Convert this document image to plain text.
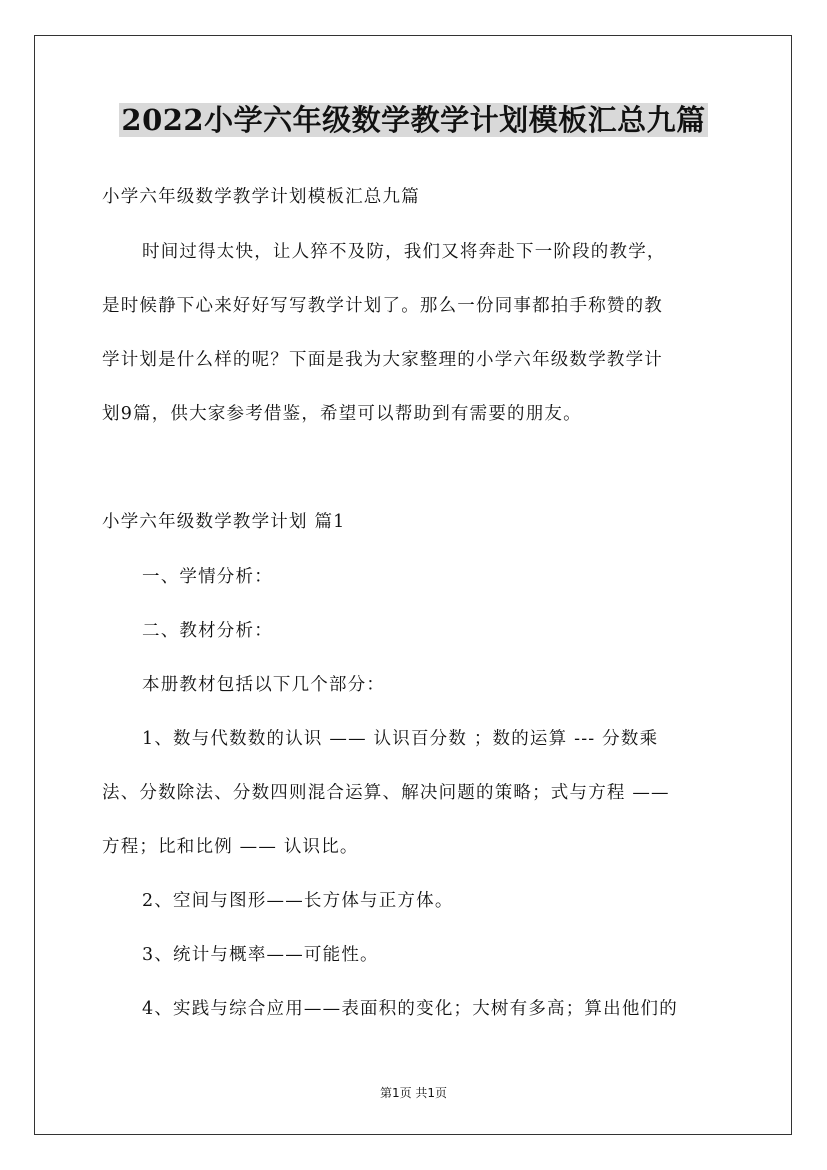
2022小学六年级数学教学计划模板汇总九篇
小学六年级数学教学计划模板汇总九篇
时间过得太快，让人猝不及防，我们又将奔赴下一阶段的教学，
是时候静下心来好好写写教学计划了。那么一份同事都拍手称赞的教
学计划是什么样的呢？下面是我为大家整理的小学六年级数学教学计
划9篇，供大家参考借鉴，希望可以帮助到有需要的朋友。
小学六年级数学教学计划 篇1
一、学情分析：
二、教材分析：
本册教材包括以下几个部分：
1、数与代数数的认识 —— 认识百分数 ；数的运算 --- 分数乘
法、分数除法、分数四则混合运算、解决问题的策略；式与方程 ——
方程；比和比例 —— 认识比。
2、空间与图形——长方体与正方体。
3、统计与概率——可能性。
4、实践与综合应用——表面积的变化；大树有多高；算出他们的
第1页 共1页
